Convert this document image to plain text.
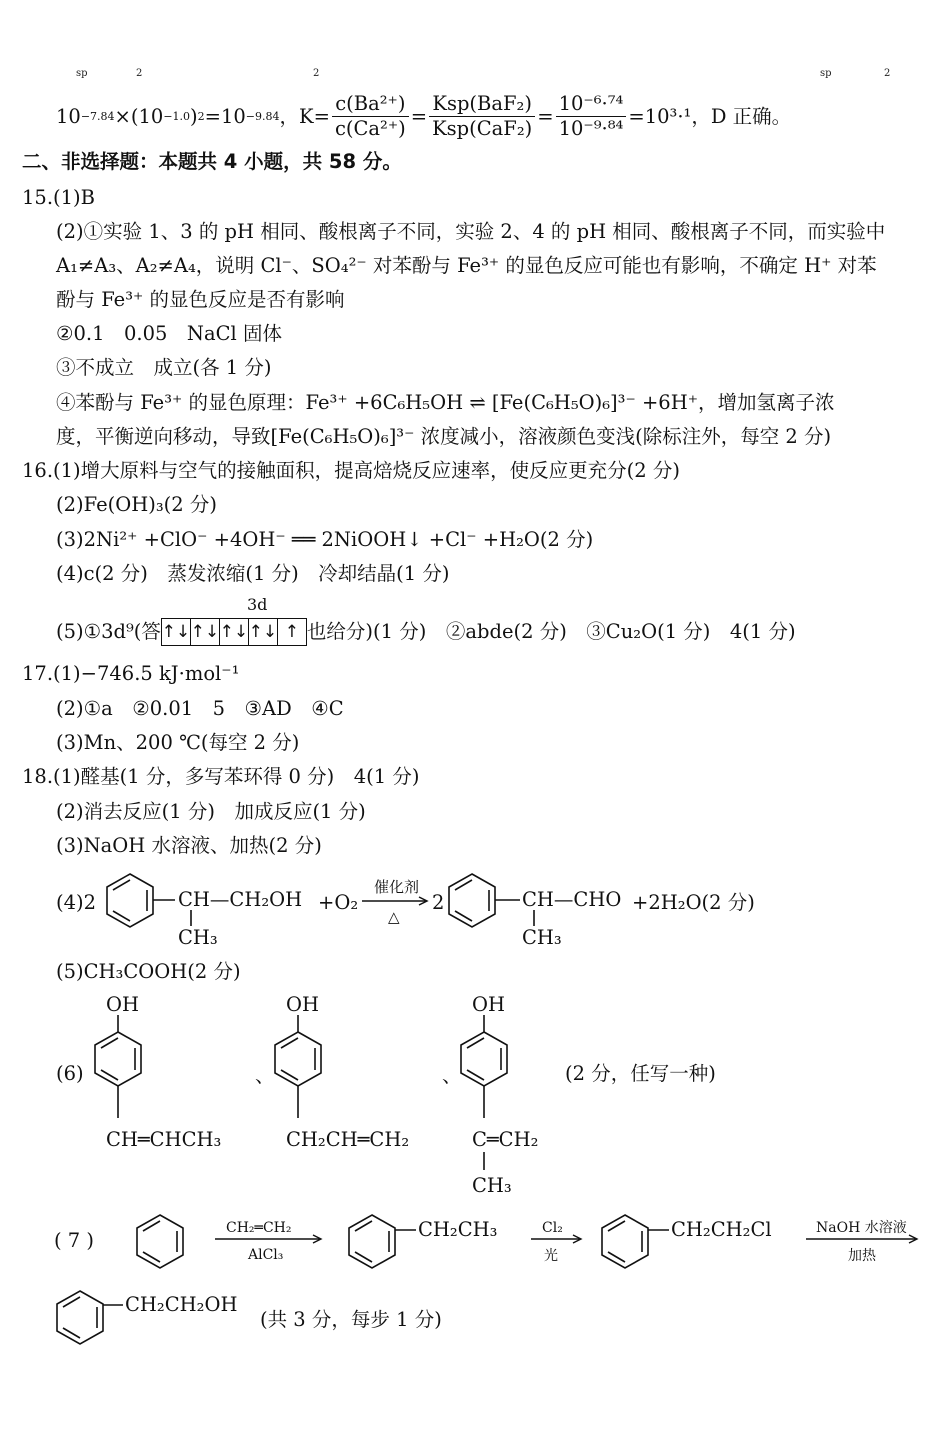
sp	2	2	sp	2
10 −7.84 ×(10 −1.0 ) 2 =10 −9.84 ，$K= \frac{\text{c(Ba²⁺)}}{\text{c(Ca²⁺)}} = \frac{\text{Ksp(BaF₂)}}{\text{Ksp(CaF₂)}} = \frac{\text{10⁻⁶·⁷⁴}}{\text{10⁻⁹·⁸⁴}} =10^3\cdot^1$，D 正确。
二、非选择题：本题共 4 小题，共 58 分。
15.(1)B
(2)①实验 1、3 的 pH 相同、酸根离子不同，实验 2、4 的 pH 相同、酸根离子不同，而实验中
A₁≠A₃、A₂≠A₄，说明 Cl⁻、SO₄²⁻ 对苯酚与 Fe³⁺ 的显色反应可能也有影响，不确定 H⁺ 对苯
酚与 Fe³⁺ 的显色反应是否有影响
②0.1　0.05　NaCl 固体
③不成立　成立(各 1 分)
④苯酚与 Fe³⁺ 的显色原理：Fe³⁺ +6C₆H₅OH ⇌ [Fe(C₆H₅O)₆]³⁻ +6H⁺，增加氢离子浓
度，平衡逆向移动，导致[Fe(C₆H₅O)₆]³⁻ 浓度减小，溶液颜色变浅(除标注外，每空 2 分)
16.(1)增大原料与空气的接触面积，提高焙烧反应速率，使反应更充分(2 分)
(2)Fe(OH)₃(2 分)
(3)2Ni²⁺ +ClO⁻ +4OH⁻ ══ 2NiOOH↓ +Cl⁻ +H₂O(2 分)
(4)c(2 分)　蒸发浓缩(1 分)　冷却结晶(1 分)
3d
(5)①3d⁹(答 ↑↓ ↑↓ ↑↓ ↑↓ ↑ 也给分)(1 分)　②abde(2 分)　③Cu₂O(1 分)　4(1 分)
17.(1)−746.5 kJ·mol⁻¹
(2)①a　②0.01　5　③AD　④C
(3)Mn、200 ℃(每空 2 分)
18.(1)醛基(1 分，多写苯环得 0 分)　4(1 分)
(2)消去反应(1 分)　加成反应(1 分)
(3)NaOH 水溶液、加热(2 分)
(4)2	CH—CH₂OH
CH₃
+O₂
催化剂
△
2	CH—CHO
CH₃
+2H₂O(2 分)
(5)CH₃COOH(2 分)
(6)
OH
CH═CHCH₃
、
OH
CH₂CH═CH₂
、
OH
C═CH₂
CH₃
(2 分，任写一种)
( 7 )
CH₂═CH₂
AlCl₃
CH₂CH₃	Cl₂
光
CH₂CH₂Cl	NaOH 水溶液
加热
CH₂CH₂OH
(共 3 分，每步 1 分)
